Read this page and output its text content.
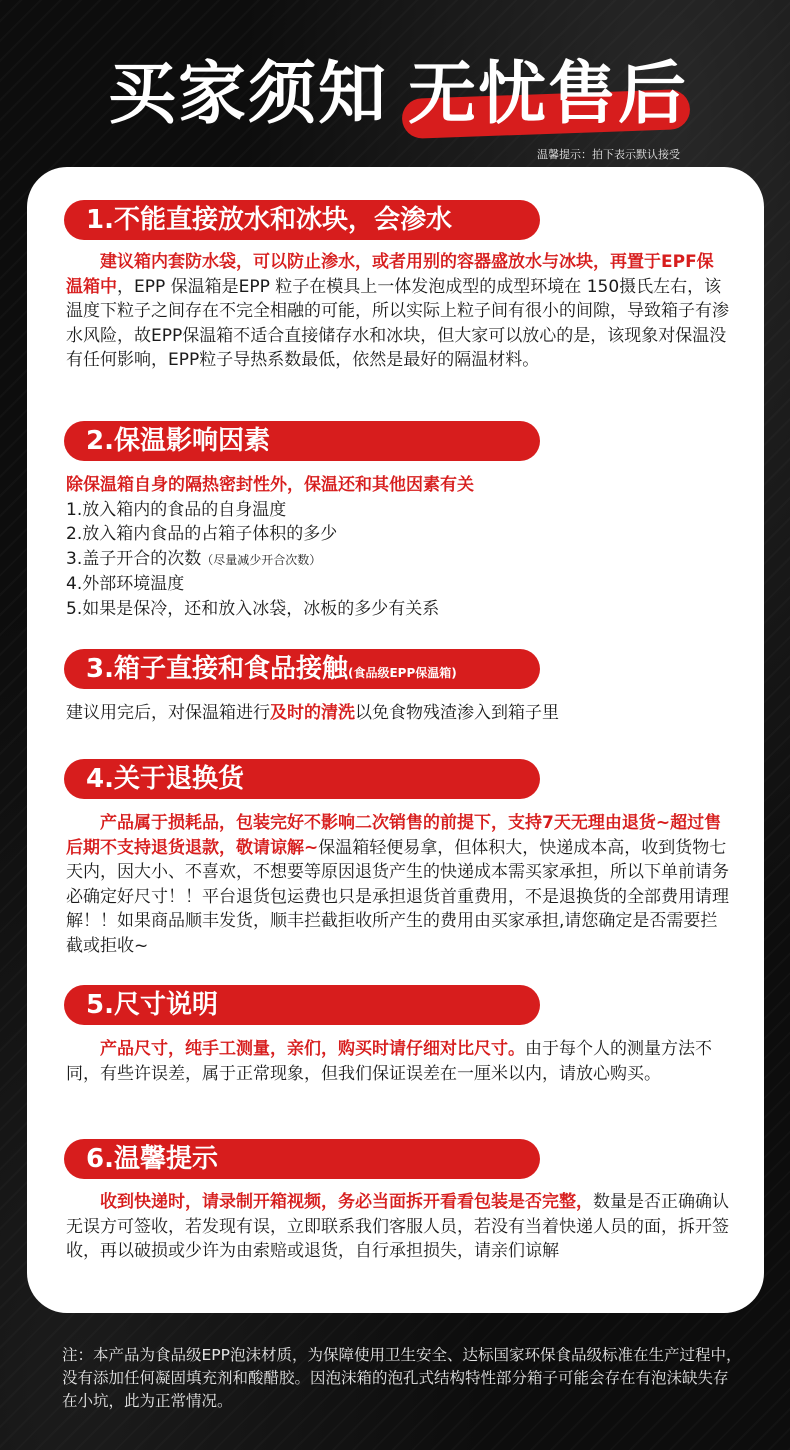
买家须知 无忧售后
温馨提示：拍下表示默认接受
1.不能直接放水和冰块，会渗水

　　建议箱内套防水袋，可以防止渗水，或者用别的容器盛放水与冰块，再置于EPF保温箱中，EPP 保温箱是EPP 粒子在模具上一体发泡成型的成型环境在 150摄氏左右，该温度下粒子之间存在不完全相融的可能，所以实际上粒子间有很小的间隙，导致箱子有渗水风险，故EPP保温箱不适合直接储存水和冰块，但大家可以放心的是，该现象对保温没有任何影响，EPP粒子导热系数最低，依然是最好的隔温材料。

2.保温影响因素

除保温箱自身的隔热密封性外，保温还和其他因素有关
1.放入箱内的食品的自身温度
2.放入箱内食品的占箱子体积的多少
3.盖子开合的次数（尽量减少开合次数）
4.外部环境温度
5.如果是保冷，还和放入冰袋，冰板的多少有关系

3.箱子直接和食品接触(食品级EPP保温箱)

建议用完后，对保温箱进行及时的清洗以免食物残渣渗入到箱子里

4.关于退换货

　　产品属于损耗品，包装完好不影响二次销售的前提下，支持7天无理由退货~超过售后期不支持退货退款，敬请谅解~保温箱轻便易拿，但体积大，快递成本高，收到货物七天内，因大小、不喜欢，不想要等原因退货产生的快递成本需买家承担，所以下单前请务必确定好尺寸！！平台退货包运费也只是承担退货首重费用，不是退换货的全部费用请理解！！如果商品顺丰发货，顺丰拦截拒收所产生的费用由买家承担,请您确定是否需要拦截或拒收~

5.尺寸说明

　　产品尺寸，纯手工测量，亲们，购买时请仔细对比尺寸。由于每个人的测量方法不同，有些许误差，属于正常现象，但我们保证误差在一厘米以内，请放心购买。

6.温馨提示

　　收到快递时，请录制开箱视频，务必当面拆开看看包装是否完整，数量是否正确确认无误方可签收，若发现有误，立即联系我们客服人员，若没有当着快递人员的面，拆开签收，再以破损或少许为由索赔或退货，自行承担损失，请亲们谅解

注：本产品为食品级EPP泡沫材质，为保障使用卫生安全、达标国家环保食品级标准在生产过程中，没有添加任何凝固填充剂和酸醋胶。因泡沫箱的泡孔式结构特性部分箱子可能会存在有泡沫缺失存在小坑，此为正常情况。
